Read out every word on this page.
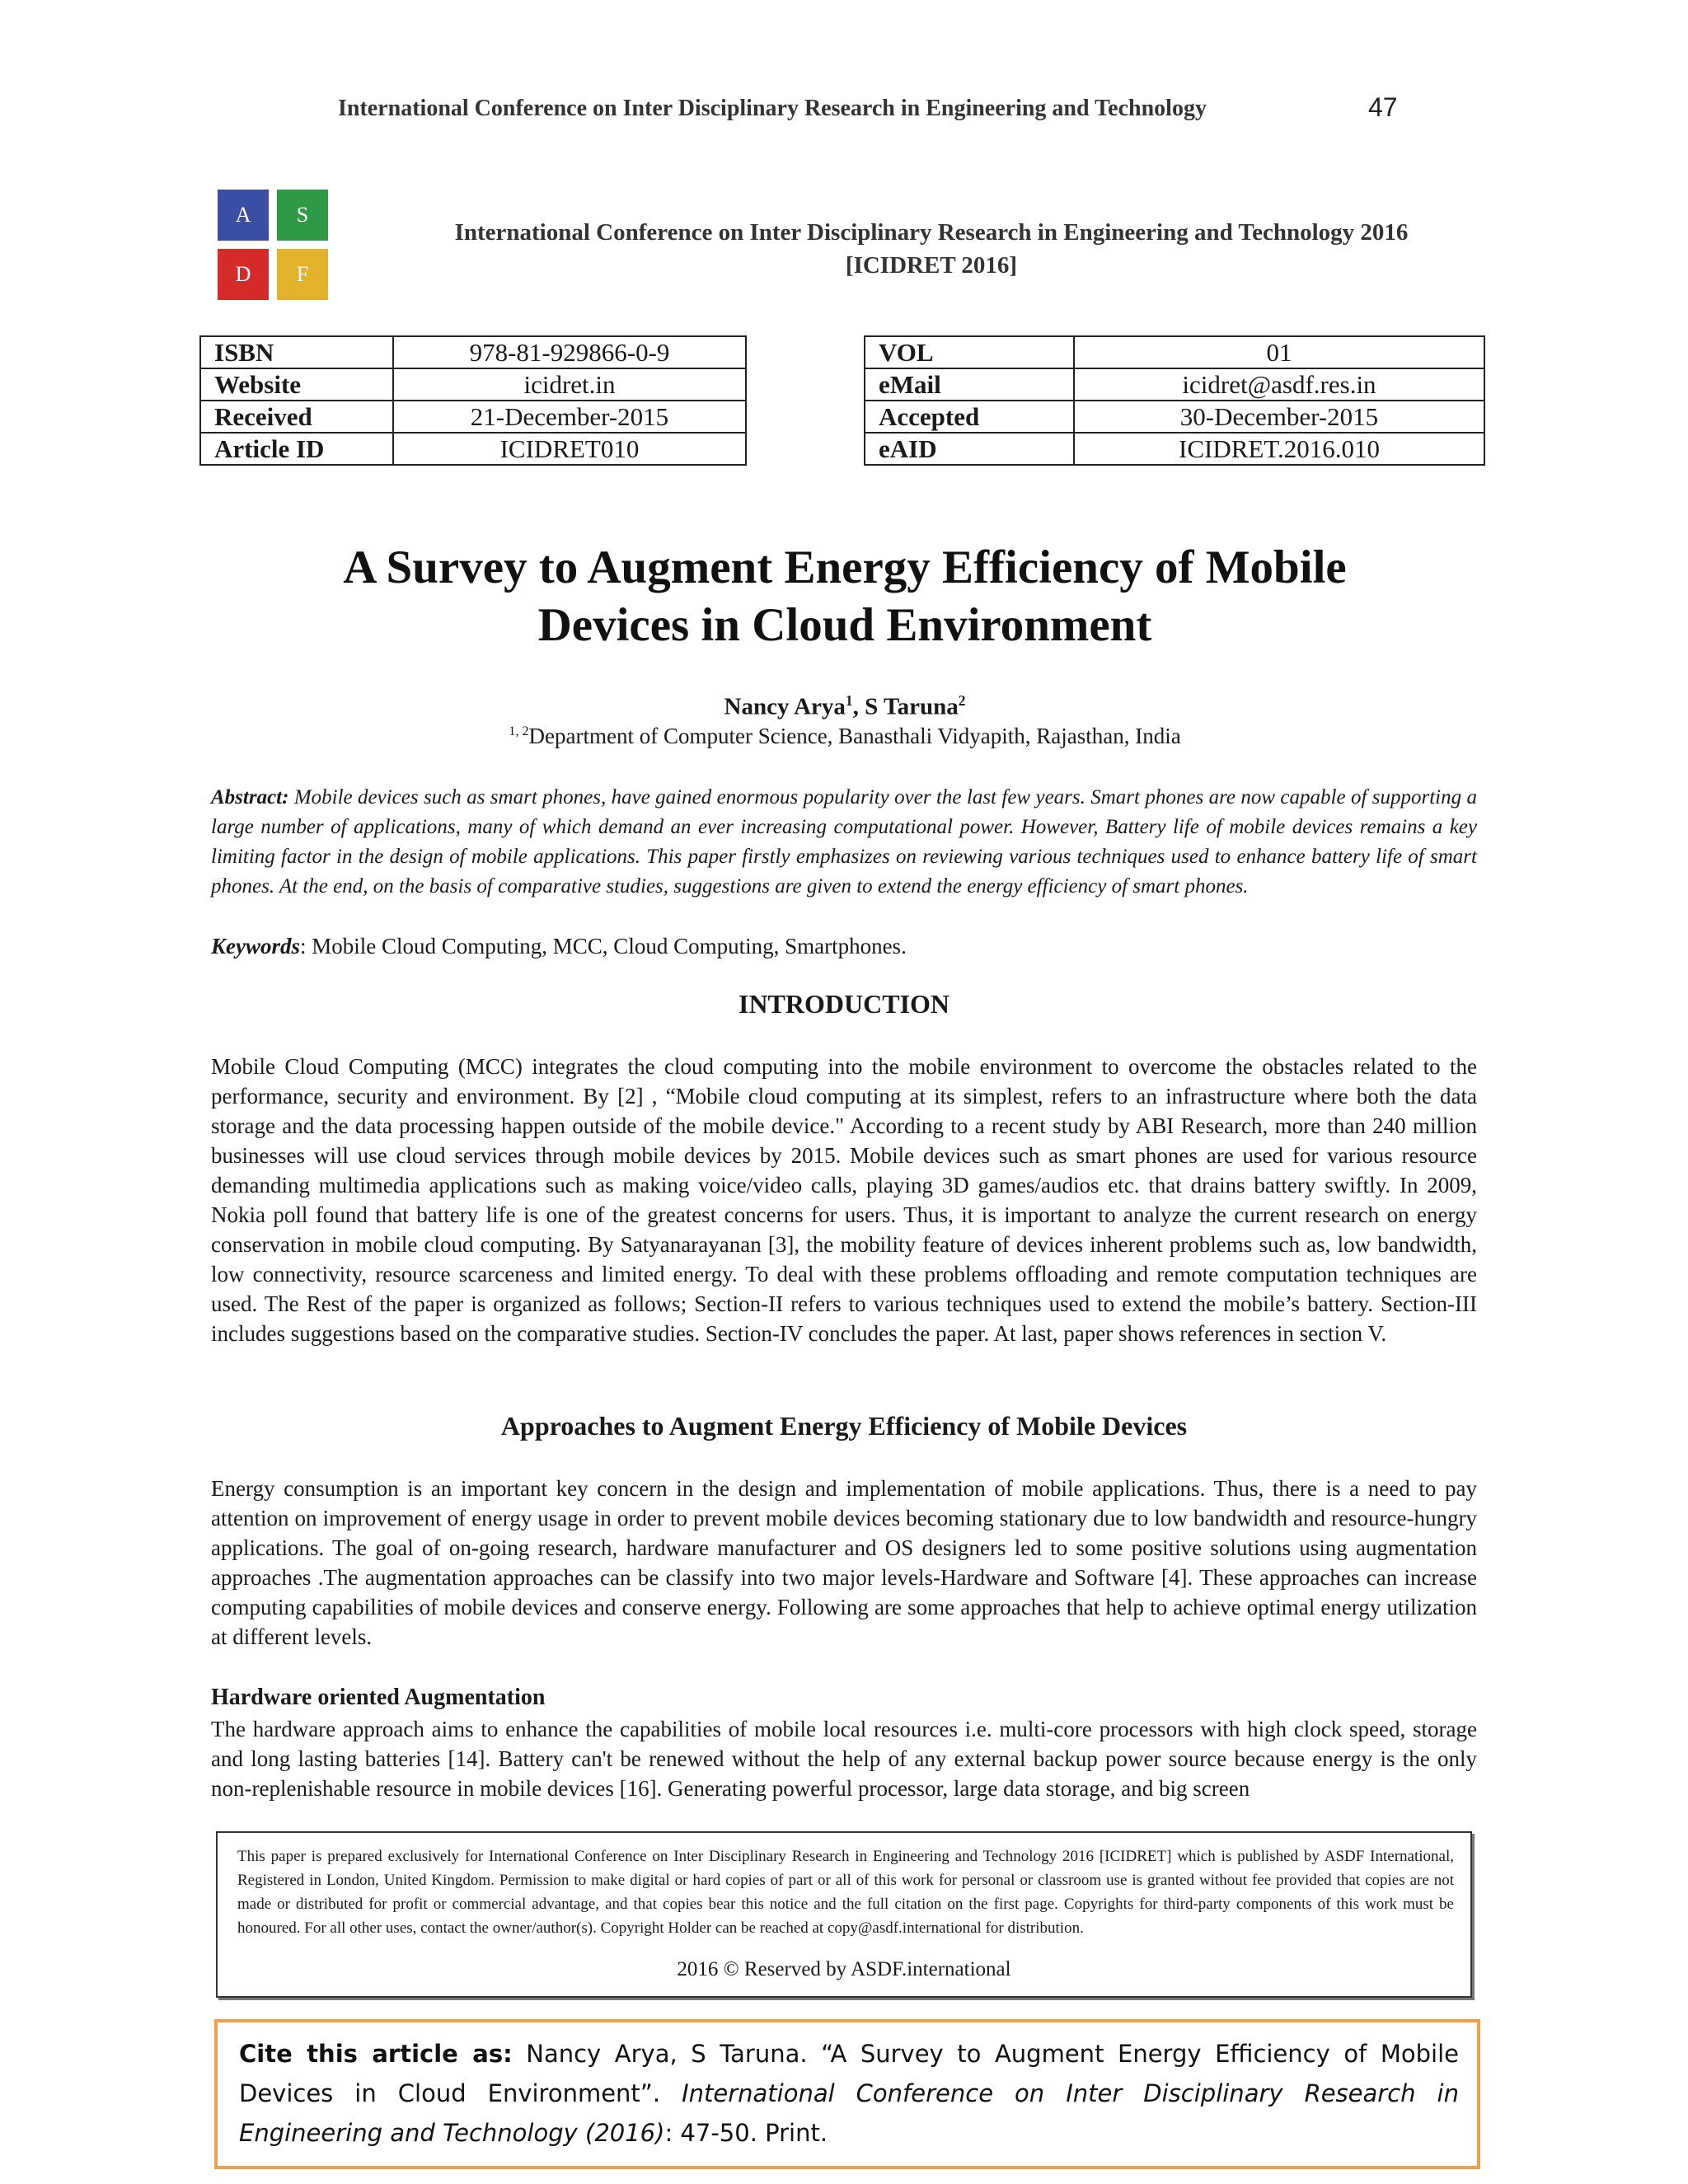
International Conference on Inter Disciplinary Research in Engineering and Technology	47
A	S
D	F
International Conference on Inter Disciplinary Research in Engineering and Technology 2016
[ICIDRET 2016]
ISBN	978-81-929866-0-9
Website	icidret.in
Received	21-December-2015
Article ID	ICIDRET010
VOL	01
eMail	icidret@asdf.res.in
Accepted	30-December-2015
eAID	ICIDRET.2016.010
A Survey to Augment Energy Efficiency of Mobile
Devices in Cloud Environment
Nancy Arya$^1$, S Taruna$^2$
$^{1, 2}$Department of Computer Science, Banasthali Vidyapith, Rajasthan, India
Abstract: Mobile devices such as smart phones, have gained enormous popularity over the last few years. Smart phones are now capable of supporting a large number of applications, many of which demand an ever increasing computational power. However, Battery life of mobile devices remains a key limiting factor in the design of mobile applications. This paper firstly emphasizes on reviewing various techniques used to enhance battery life of smart phones. At the end, on the basis of comparative studies, suggestions are given to extend the energy efficiency of smart phones.
Keywords: Mobile Cloud Computing, MCC, Cloud Computing, Smartphones.
INTRODUCTION
Mobile Cloud Computing (MCC) integrates the cloud computing into the mobile environment to overcome the obstacles related to the performance, security and environment. By [2] , “Mobile cloud computing at its simplest, refers to an infrastructure where both the data storage and the data processing happen outside of the mobile device." According to a recent study by ABI Research, more than 240 million businesses will use cloud services through mobile devices by 2015. Mobile devices such as smart phones are used for various resource demanding multimedia applications such as making voice/video calls, playing 3D games/audios etc. that drains battery swiftly. In 2009, Nokia poll found that battery life is one of the greatest concerns for users. Thus, it is important to analyze the current research on energy conservation in mobile cloud computing. By Satyanarayanan [3], the mobility feature of devices inherent problems such as, low bandwidth, low connectivity, resource scarceness and limited energy. To deal with these problems offloading and remote computation techniques are used. The Rest of the paper is organized as follows; Section-II refers to various techniques used to extend the mobile’s battery. Section-III includes suggestions based on the comparative studies. Section-IV concludes the paper. At last, paper shows references in section V.
Approaches to Augment Energy Efficiency of Mobile Devices
Energy consumption is an important key concern in the design and implementation of mobile applications. Thus, there is a need to pay attention on improvement of energy usage in order to prevent mobile devices becoming stationary due to low bandwidth and resource-hungry applications. The goal of on-going research, hardware manufacturer and OS designers led to some positive solutions using augmentation approaches .The augmentation approaches can be classify into two major levels-Hardware and Software [4]. These approaches can increase computing capabilities of mobile devices and conserve energy. Following are some approaches that help to achieve optimal energy utilization at different levels.
Hardware oriented Augmentation
The hardware approach aims to enhance the capabilities of mobile local resources i.e. multi-core processors with high clock speed, storage and long lasting batteries [14]. Battery can't be renewed without the help of any external backup power source because energy is the only non-replenishable resource in mobile devices [16]. Generating powerful processor, large data storage, and big screen
This paper is prepared exclusively for International Conference on Inter Disciplinary Research in Engineering and Technology 2016 [ICIDRET] which is published by ASDF International, Registered in London, United Kingdom. Permission to make digital or hard copies of part or all of this work for personal or classroom use is granted without fee provided that copies are not made or distributed for profit or commercial advantage, and that copies bear this notice and the full citation on the first page. Copyrights for third-party components of this work must be honoured. For all other uses, contact the owner/author(s). Copyright Holder can be reached at copy@asdf.international for distribution.
2016 © Reserved by ASDF.international
Cite this article as: Nancy Arya, S Taruna. “A Survey to Augment Energy Efficiency of Mobile Devices in Cloud Environment”. International Conference on Inter Disciplinary Research in Engineering and Technology (2016): 47-50. Print.
